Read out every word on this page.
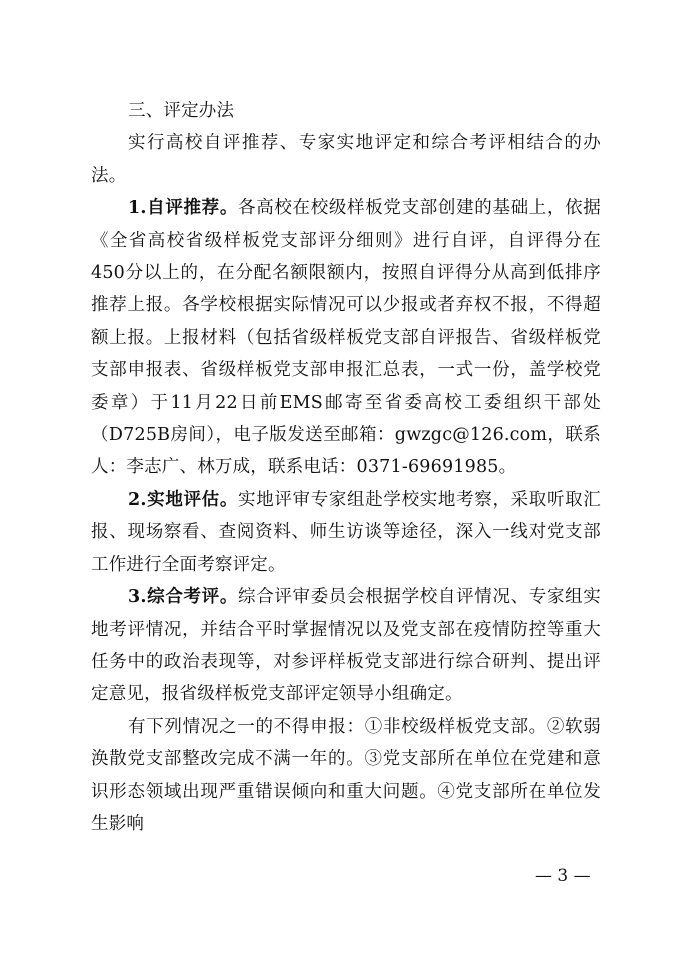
三、评定办法

实行高校自评推荐、专家实地评定和综合考评相结合的办法。

1.自评推荐。各高校在校级样板党支部创建的基础上，依据《全省高校省级样板党支部评分细则》进行自评，自评得分在450分以上的，在分配名额限额内，按照自评得分从高到低排序推荐上报。各学校根据实际情况可以少报或者弃权不报，不得超额上报。上报材料（包括省级样板党支部自评报告、省级样板党支部申报表、省级样板党支部申报汇总表，一式一份，盖学校党委章）于11月22日前EMS邮寄至省委高校工委组织干部处（D725B房间），电子版发送至邮箱：gwzgc@126.com，联系人：李志广、林万成，联系电话：0371-69691985。

2.实地评估。实地评审专家组赴学校实地考察，采取听取汇报、现场察看、查阅资料、师生访谈等途径，深入一线对党支部工作进行全面考察评定。

3.综合考评。综合评审委员会根据学校自评情况、专家组实地考评情况，并结合平时掌握情况以及党支部在疫情防控等重大任务中的政治表现等，对参评样板党支部进行综合研判、提出评定意见，报省级样板党支部评定领导小组确定。

有下列情况之一的不得申报：①非校级样板党支部。②软弱涣散党支部整改完成不满一年的。③党支部所在单位在党建和意识形态领域出现严重错误倾向和重大问题。④党支部所在单位发生影响

— 3 —
